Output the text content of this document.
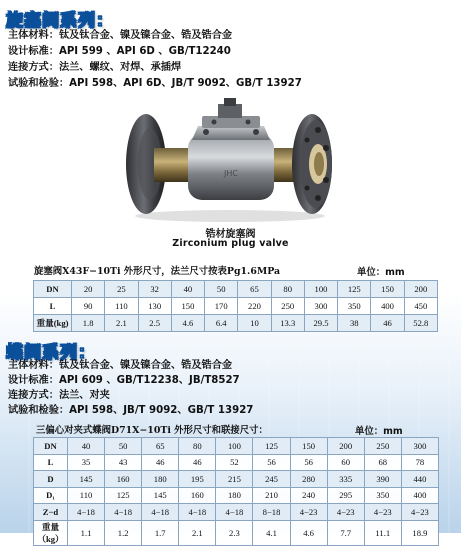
旋塞阀系列：
主体材料：钛及钛合金、镍及镍合金、锆及锆合金
设计标准：API 599 、API 6D 、GB/T12240
连接方式：法兰、螺纹、对焊、承插焊
试验和检验：API 598、API 6D、JB/T 9092、GB/T 13927
JHC
锆材旋塞阀
Zirconium plug valve
旋塞阀X43F−10Ti 外形尺寸，法兰尺寸按表Pg1.6MPa	单位：mm
DN	20	25	32	40	50	65	80	100	125	150	200
L	90	110	130	150	170	220	250	300	350	400	450
重量(kg)	1.8	2.1	2.5	4.6	6.4	10	13.3	29.5	38	46	52.8
蝶阀系列：
主体材料：钛及钛合金、镍及镍合金、锆及锆合金
设计标准：API 609 、GB/T12238、JB/T8527
连接方式：法兰、对夹
试验和检验：API 598、JB/T 9092、GB/T 13927
三偏心对夹式蝶阀D71X−10Ti 外形尺寸和联接尺寸：	单位：mm
DN	40	50	65	80	100	125	150	200	250	300
L	35	43	46	46	52	56	56	60	68	78
D	145	160	180	195	215	245	280	335	390	440
D₁	110	125	145	160	180	210	240	295	350	400
Z−d	4−18	4−18	4−18	4−18	4−18	8−18	4−23	4−23	4−23	4−23
重量（kg）	1.1	1.2	1.7	2.1	2.3	4.1	4.6	7.7	11.1	18.9
